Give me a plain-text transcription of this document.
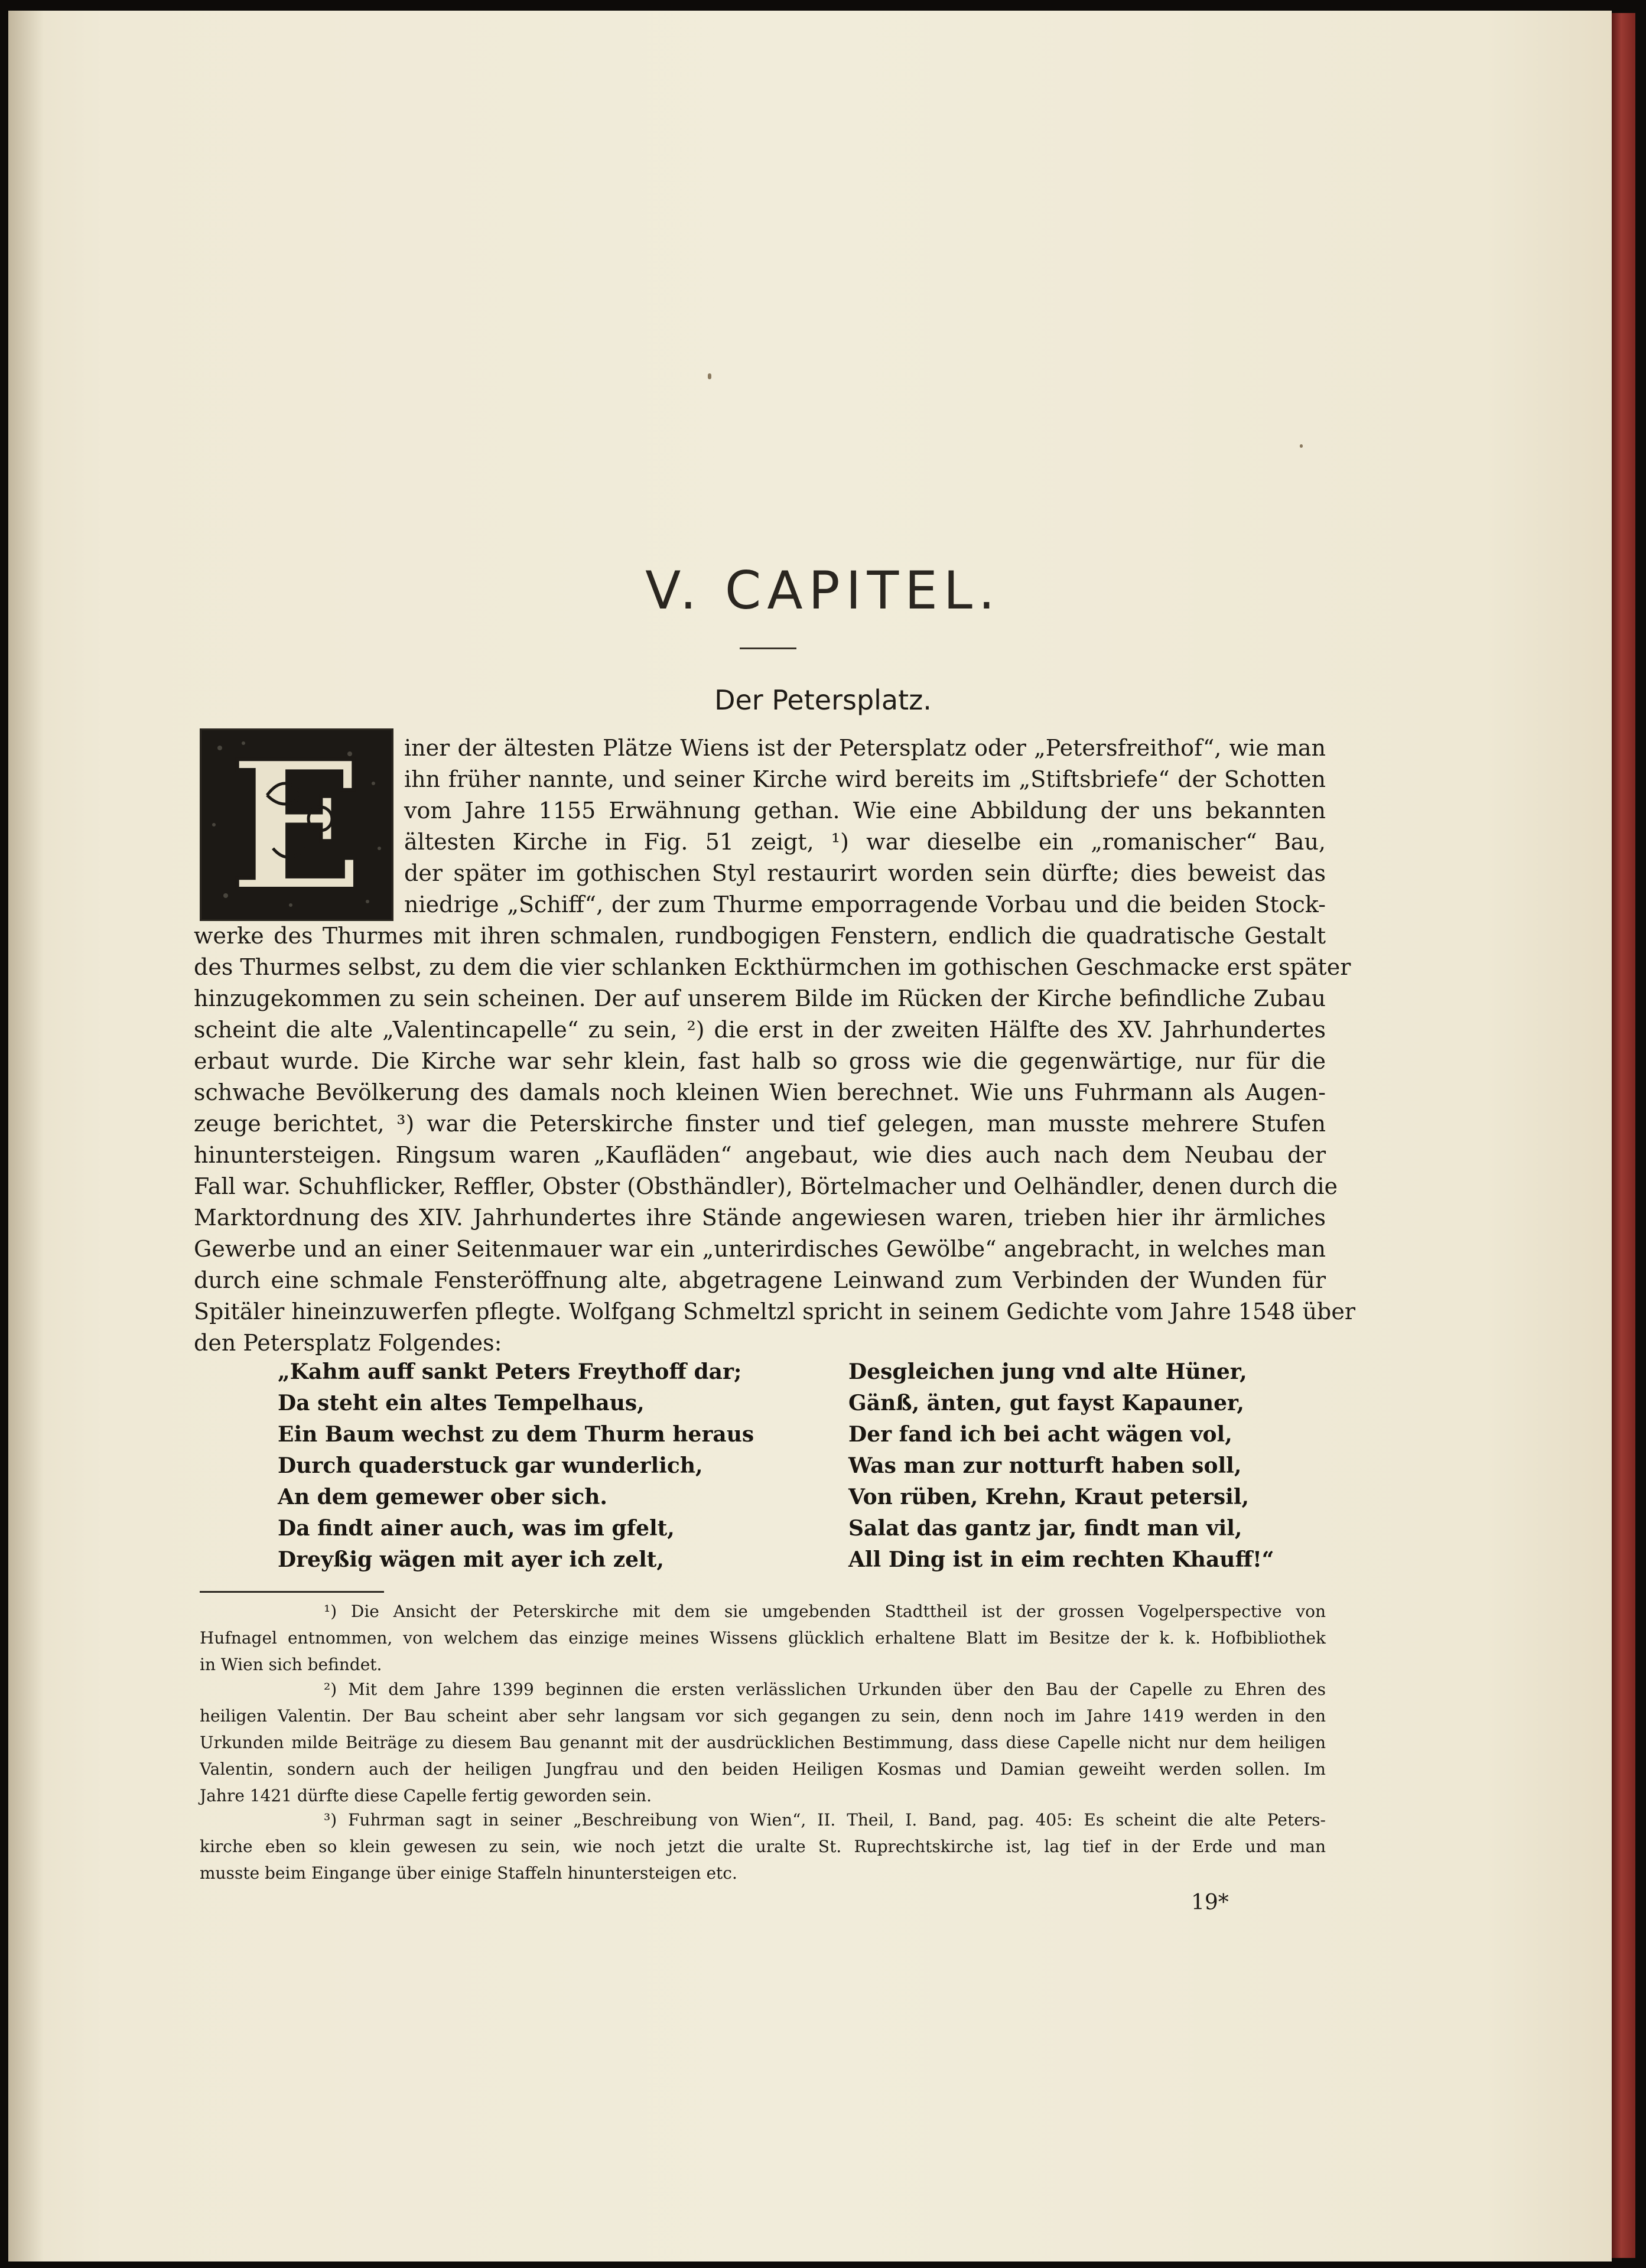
V. CAPITEL.
Der Petersplatz.
E	iner der ältesten Plätze Wiens ist der Petersplatz oder „Petersfreithof“, wie man
ihn früher nannte, und seiner Kirche wird bereits im „Stiftsbriefe“ der Schotten
vom Jahre 1155 Erwähnung gethan. Wie eine Abbildung der uns bekannten
ältesten Kirche in Fig. 51 zeigt, ¹) war dieselbe ein „romanischer“ Bau,
der später im gothischen Styl restaurirt worden sein dürfte; dies beweist das
niedrige „Schiff“, der zum Thurme emporragende Vorbau und die beiden Stock-
werke des Thurmes mit ihren schmalen, rundbogigen Fenstern, endlich die quadratische Gestalt
des Thurmes selbst, zu dem die vier schlanken Eckthürmchen im gothischen Geschmacke erst später
hinzugekommen zu sein scheinen. Der auf unserem Bilde im Rücken der Kirche befindliche Zubau
scheint die alte „Valentincapelle“ zu sein, ²) die erst in der zweiten Hälfte des XV. Jahrhundertes
erbaut wurde. Die Kirche war sehr klein, fast halb so gross wie die gegenwärtige, nur für die
schwache Bevölkerung des damals noch kleinen Wien berechnet. Wie uns Fuhrmann als Augen-
zeuge berichtet, ³) war die Peterskirche finster und tief gelegen, man musste mehrere Stufen
hinuntersteigen. Ringsum waren „Kaufläden“ angebaut, wie dies auch nach dem Neubau der
Fall war. Schuhflicker, Reffler, Obster (Obsthändler), Börtelmacher und Oelhändler, denen durch die
Marktordnung des XIV. Jahrhundertes ihre Stände angewiesen waren, trieben hier ihr ärmliches
Gewerbe und an einer Seitenmauer war ein „unterirdisches Gewölbe“ angebracht, in welches man
durch eine schmale Fensteröffnung alte, abgetragene Leinwand zum Verbinden der Wunden für
Spitäler hineinzuwerfen pflegte. Wolfgang Schmeltzl spricht in seinem Gedichte vom Jahre 1548 über
den Petersplatz Folgendes:
„Kahm auff sankt Peters Freythoff dar;
Da steht ein altes Tempelhaus,
Ein Baum wechst zu dem Thurm heraus
Durch quaderstuck gar wunderlich,
An dem gemewer ober sich.
Da findt ainer auch, was im gfelt,
Dreyßig wägen mit ayer ich zelt,
Desgleichen jung vnd alte Hüner,
Gänß, änten, gut fayst Kapauner,
Der fand ich bei acht wägen vol,
Was man zur notturft haben soll,
Von rüben, Krehn, Kraut petersil,
Salat das gantz jar, findt man vil,
All Ding ist in eim rechten Khauff!“
¹) Die Ansicht der Peterskirche mit dem sie umgebenden Stadttheil ist der grossen Vogelperspective von
Hufnagel entnommen, von welchem das einzige meines Wissens glücklich erhaltene Blatt im Besitze der k. k. Hofbibliothek
in Wien sich befindet.
²) Mit dem Jahre 1399 beginnen die ersten verlässlichen Urkunden über den Bau der Capelle zu Ehren des
heiligen Valentin. Der Bau scheint aber sehr langsam vor sich gegangen zu sein, denn noch im Jahre 1419 werden in den
Urkunden milde Beiträge zu diesem Bau genannt mit der ausdrücklichen Bestimmung, dass diese Capelle nicht nur dem heiligen
Valentin, sondern auch der heiligen Jungfrau und den beiden Heiligen Kosmas und Damian geweiht werden sollen. Im
Jahre 1421 dürfte diese Capelle fertig geworden sein.
³) Fuhrman sagt in seiner „Beschreibung von Wien“, II. Theil, I. Band, pag. 405: Es scheint die alte Peters-
kirche eben so klein gewesen zu sein, wie noch jetzt die uralte St. Ruprechtskirche ist, lag tief in der Erde und man
musste beim Eingange über einige Staffeln hinuntersteigen etc.
19*
